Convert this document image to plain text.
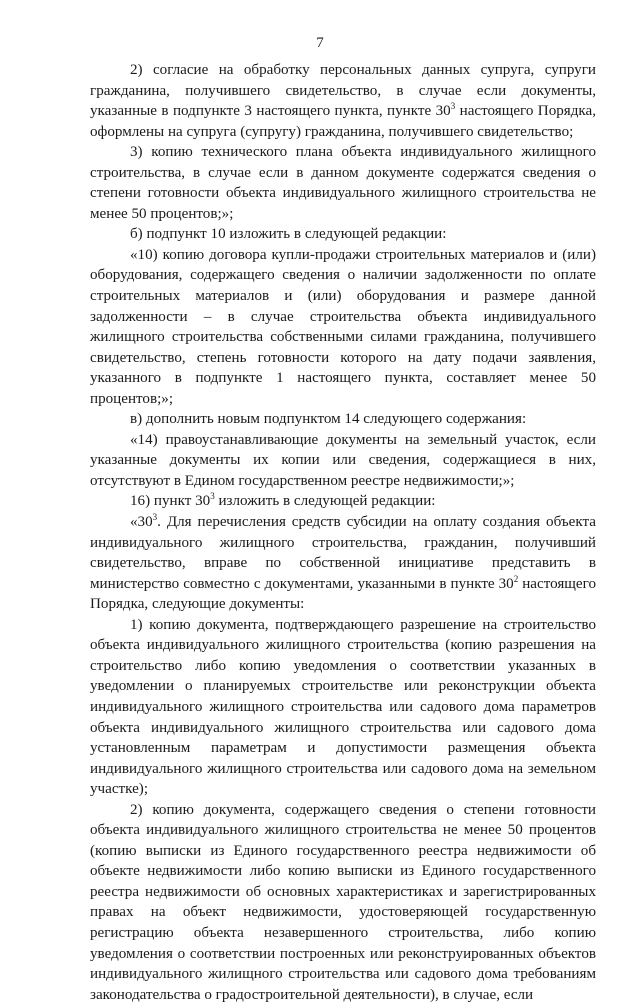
7

2) согласие на обработку персональных данных супруга, супруги гражданина, получившего свидетельство, в случае если документы, указанные в подпункте 3 настоящего пункта, пункте $30^3$ настоящего Порядка, оформлены на супруга (супругу) гражданина, получившего свидетельство;

3) копию технического плана объекта индивидуального жилищного строительства, в случае если в данном документе содержатся сведения о степени готовности объекта индивидуального жилищного строительства не менее 50 процентов;»;

б) подпункт 10 изложить в следующей редакции:

«10) копию договора купли-продажи строительных материалов и (или) оборудования, содержащего сведения о наличии задолженности по оплате строительных материалов и (или) оборудования и размере данной задолженности – в случае строительства объекта индивидуального жилищного строительства собственными силами гражданина, получившего свидетельство, степень готовности которого на дату подачи заявления, указанного в подпункте 1 настоящего пункта, составляет менее 50 процентов;»;

в) дополнить новым подпунктом 14 следующего содержания:

«14) правоустанавливающие документы на земельный участок, если указанные документы их копии или сведения, содержащиеся в них, отсутствуют в Едином государственном реестре недвижимости;»;

16) пункт $30^3$ изложить в следующей редакции:

«$30^3$. Для перечисления средств субсидии на оплату создания объекта индивидуального жилищного строительства, гражданин, получивший свидетельство, вправе по собственной инициативе представить в министерство совместно с документами, указанными в пункте $30^2$ настоящего Порядка, следующие документы:

1) копию документа, подтверждающего разрешение на строительство объекта индивидуального жилищного строительства (копию разрешения на строительство либо копию уведомления о соответствии указанных в уведомлении о планируемых строительстве или реконструкции объекта индивидуального жилищного строительства или садового дома параметров объекта индивидуального жилищного строительства или садового дома установленным параметрам и допустимости размещения объекта индивидуального жилищного строительства или садового дома на земельном участке);

2) копию документа, содержащего сведения о степени готовности объекта индивидуального жилищного строительства не менее 50 процентов (копию выписки из Единого государственного реестра недвижимости об объекте недвижимости либо копию выписки из Единого государственного реестра недвижимости об основных характеристиках и зарегистрированных правах на объект недвижимости, удостоверяющей государственную регистрацию объекта незавершенного строительства, либо копию уведомления о соответствии построенных или реконструированных объектов индивидуального жилищного строительства или садового дома требованиям законодательства о градостроительной деятельности), в случае, если
